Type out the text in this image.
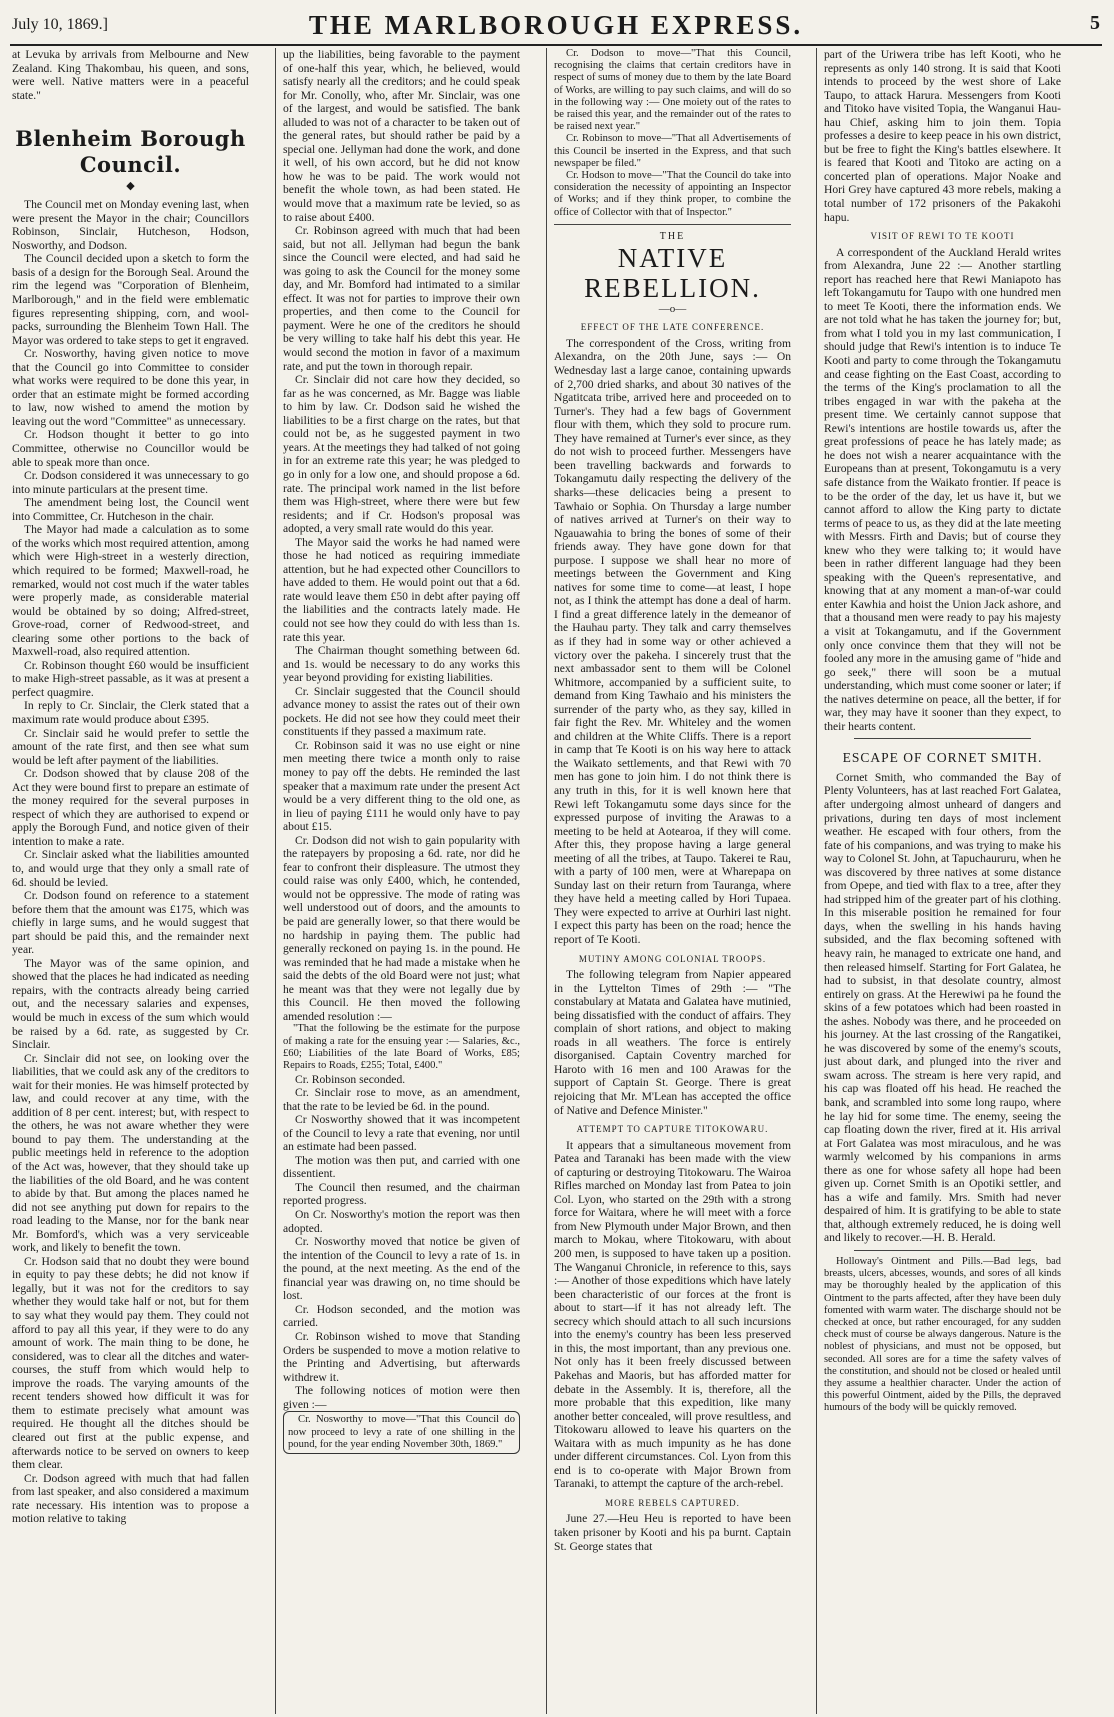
July 10, 1869.]	THE MARLBOROUGH EXPRESS.	5

at Levuka by arrivals from Melbourne and New Zealand. King Thakombau, his queen, and sons, were well. Native matters were in a peaceful state."

Blenheim Borough Council.
◆

The Council met on Monday evening last, when were present the Mayor in the chair; Councillors Robinson, Sinclair, Hutcheson, Hodson, Nosworthy, and Dodson.

The Council decided upon a sketch to form the basis of a design for the Borough Seal. Around the rim the legend was "Corporation of Blenheim, Marlborough," and in the field were emblematic figures representing shipping, corn, and wool-packs, surrounding the Blenheim Town Hall. The Mayor was ordered to take steps to get it engraved.

Cr. Nosworthy, having given notice to move that the Council go into Committee to consider what works were required to be done this year, in order that an estimate might be formed according to law, now wished to amend the motion by leaving out the word "Committee" as unnecessary.

Cr. Hodson thought it better to go into Committee, otherwise no Councillor would be able to speak more than once.

Cr. Dodson considered it was unnecessary to go into minute particulars at the present time.

The amendment being lost, the Council went into Committee, Cr. Hutcheson in the chair.

The Mayor had made a calculation as to some of the works which most required attention, among which were High-street in a westerly direction, which required to be formed; Maxwell-road, he remarked, would not cost much if the water tables were properly made, as considerable material would be obtained by so doing; Alfred-street, Grove-road, corner of Redwood-street, and clearing some other portions to the back of Maxwell-road, also required attention.

Cr. Robinson thought £60 would be insufficient to make High-street passable, as it was at present a perfect quagmire.

In reply to Cr. Sinclair, the Clerk stated that a maximum rate would produce about £395.

Cr. Sinclair said he would prefer to settle the amount of the rate first, and then see what sum would be left after payment of the liabilities.

Cr. Dodson showed that by clause 208 of the Act they were bound first to prepare an estimate of the money required for the several purposes in respect of which they are authorised to expend or apply the Borough Fund, and notice given of their intention to make a rate.

Cr. Sinclair asked what the liabilities amounted to, and would urge that they only a small rate of 6d. should be levied.

Cr. Dodson found on reference to a statement before them that the amount was £175, which was chiefly in large sums, and he would suggest that part should be paid this, and the remainder next year.

The Mayor was of the same opinion, and showed that the places he had indicated as needing repairs, with the contracts already being carried out, and the necessary salaries and expenses, would be much in excess of the sum which would be raised by a 6d. rate, as suggested by Cr. Sinclair.

Cr. Sinclair did not see, on looking over the liabilities, that we could ask any of the creditors to wait for their monies. He was himself protected by law, and could recover at any time, with the addition of 8 per cent. interest; but, with respect to the others, he was not aware whether they were bound to pay them. The understanding at the public meetings held in reference to the adoption of the Act was, however, that they should take up the liabilities of the old Board, and he was content to abide by that. But among the places named he did not see anything put down for repairs to the road leading to the Manse, nor for the bank near Mr. Bomford's, which was a very serviceable work, and likely to benefit the town.

Cr. Hodson said that no doubt they were bound in equity to pay these debts; he did not know if legally, but it was not for the creditors to say whether they would take half or not, but for them to say what they would pay them. They could not afford to pay all this year, if they were to do any amount of work. The main thing to be done, he considered, was to clear all the ditches and water-courses, the stuff from which would help to improve the roads. The varying amounts of the recent tenders showed how difficult it was for them to estimate precisely what amount was required. He thought all the ditches should be cleared out first at the public expense, and afterwards notice to be served on owners to keep them clear.

Cr. Dodson agreed with much that had fallen from last speaker, and also considered a maximum rate necessary. His intention was to propose a motion relative to taking

up the liabilities, being favorable to the payment of one-half this year, which, he believed, would satisfy nearly all the creditors; and he could speak for Mr. Conolly, who, after Mr. Sinclair, was one of the largest, and would be satisfied. The bank alluded to was not of a character to be taken out of the general rates, but should rather be paid by a special one. Jellyman had done the work, and done it well, of his own accord, but he did not know how he was to be paid. The work would not benefit the whole town, as had been stated. He would move that a maximum rate be levied, so as to raise about £400.

Cr. Robinson agreed with much that had been said, but not all. Jellyman had begun the bank since the Council were elected, and had said he was going to ask the Council for the money some day, and Mr. Bomford had intimated to a similar effect. It was not for parties to improve their own properties, and then come to the Council for payment. Were he one of the creditors he should be very willing to take half his debt this year. He would second the motion in favor of a maximum rate, and put the town in thorough repair.

Cr. Sinclair did not care how they decided, so far as he was concerned, as Mr. Bagge was liable to him by law. Cr. Dodson said he wished the liabilities to be a first charge on the rates, but that could not be, as he suggested payment in two years. At the meetings they had talked of not going in for an extreme rate this year; he was pledged to go in only for a low one, and should propose a 6d. rate. The principal work named in the list before them was High-street, where there were but few residents; and if Cr. Hodson's proposal was adopted, a very small rate would do this year.

The Mayor said the works he had named were those he had noticed as requiring immediate attention, but he had expected other Councillors to have added to them. He would point out that a 6d. rate would leave them £50 in debt after paying off the liabilities and the contracts lately made. He could not see how they could do with less than 1s. rate this year.

The Chairman thought something between 6d. and 1s. would be necessary to do any works this year beyond providing for existing liabilities.

Cr. Sinclair suggested that the Council should advance money to assist the rates out of their own pockets. He did not see how they could meet their constituents if they passed a maximum rate.

Cr. Robinson said it was no use eight or nine men meeting there twice a month only to raise money to pay off the debts. He reminded the last speaker that a maximum rate under the present Act would be a very different thing to the old one, as in lieu of paying £111 he would only have to pay about £15.

Cr. Dodson did not wish to gain popularity with the ratepayers by proposing a 6d. rate, nor did he fear to confront their displeasure. The utmost they could raise was only £400, which, he contended, would not be oppressive. The mode of rating was well understood out of doors, and the amounts to be paid are generally lower, so that there would be no hardship in paying them. The public had generally reckoned on paying 1s. in the pound. He was reminded that he had made a mistake when he said the debts of the old Board were not just; what he meant was that they were not legally due by this Council. He then moved the following amended resolution :—

"That the following be the estimate for the purpose of making a rate for the ensuing year :— Salaries, &c., £60; Liabilities of the late Board of Works, £85; Repairs to Roads, £255; Total, £400."

Cr. Robinson seconded.

Cr. Sinclair rose to move, as an amendment, that the rate to be levied be 6d. in the pound.

Cr Nosworthy showed that it was incompetent of the Council to levy a rate that evening, nor until an estimate had been passed.

The motion was then put, and carried with one dissentient.

The Council then resumed, and the chairman reported progress.

On Cr. Nosworthy's motion the report was then adopted.

Cr. Nosworthy moved that notice be given of the intention of the Council to levy a rate of 1s. in the pound, at the next meeting. As the end of the financial year was drawing on, no time should be lost.

Cr. Hodson seconded, and the motion was carried.

Cr. Robinson wished to move that Standing Orders be suspended to move a motion relative to the Printing and Advertising, but afterwards withdrew it.

The following notices of motion were then given :—

Cr. Nosworthy to move—"That this Council do now proceed to levy a rate of one shilling in the pound, for the year ending November 30th, 1869."

Cr. Dodson to move—"That this Council, recognising the claims that certain creditors have in respect of sums of money due to them by the late Board of Works, are willing to pay such claims, and will do so in the following way :— One moiety out of the rates to be raised this year, and the remainder out of the rates to be raised next year."

Cr. Robinson to move—"That all Advertisements of this Council be inserted in the Express, and that such newspaper be filed."

Cr. Hodson to move—"That the Council do take into consideration the necessity of appointing an Inspector of Works; and if they think proper, to combine the office of Collector with that of Inspector."

THE
NATIVE REBELLION.
—o—
EFFECT OF THE LATE CONFERENCE.

The correspondent of the Cross, writing from Alexandra, on the 20th June, says :— On Wednesday last a large canoe, containing upwards of 2,700 dried sharks, and about 30 natives of the Ngatitcata tribe, arrived here and proceeded on to Turner's. They had a few bags of Government flour with them, which they sold to procure rum. They have remained at Turner's ever since, as they do not wish to proceed further. Messengers have been travelling backwards and forwards to Tokangamutu daily respecting the delivery of the sharks—these delicacies being a present to Tawhaio or Sophia. On Thursday a large number of natives arrived at Turner's on their way to Ngauawahia to bring the bones of some of their friends away. They have gone down for that purpose. I suppose we shall hear no more of meetings between the Government and King natives for some time to come—at least, I hope not, as I think the attempt has done a deal of harm. I find a great difference lately in the demeanor of the Hauhau party. They talk and carry themselves as if they had in some way or other achieved a victory over the pakeha. I sincerely trust that the next ambassador sent to them will be Colonel Whitmore, accompanied by a sufficient suite, to demand from King Tawhaio and his ministers the surrender of the party who, as they say, killed in fair fight the Rev. Mr. Whiteley and the women and children at the White Cliffs. There is a report in camp that Te Kooti is on his way here to attack the Waikato settlements, and that Rewi with 70 men has gone to join him. I do not think there is any truth in this, for it is well known here that Rewi left Tokangamutu some days since for the expressed purpose of inviting the Arawas to a meeting to be held at Aotearoa, if they will come. After this, they propose having a large general meeting of all the tribes, at Taupo. Takerei te Rau, with a party of 100 men, were at Wharepapa on Sunday last on their return from Tauranga, where they have held a meeting called by Hori Tupaea. They were expected to arrive at Ourhiri last night. I expect this party has been on the road; hence the report of Te Kooti.

MUTINY AMONG COLONIAL TROOPS.

The following telegram from Napier appeared in the Lyttelton Times of 29th :— "The constabulary at Matata and Galatea have mutinied, being dissatisfied with the conduct of affairs. They complain of short rations, and object to making roads in all weathers. The force is entirely disorganised. Captain Coventry marched for Haroto with 16 men and 100 Arawas for the support of Captain St. George. There is great rejoicing that Mr. M'Lean has accepted the office of Native and Defence Minister."

ATTEMPT TO CAPTURE TITOKOWARU.

It appears that a simultaneous movement from Patea and Taranaki has been made with the view of capturing or destroying Titokowaru. The Wairoa Rifles marched on Monday last from Patea to join Col. Lyon, who started on the 29th with a strong force for Waitara, where he will meet with a force from New Plymouth under Major Brown, and then march to Mokau, where Titokowaru, with about 200 men, is supposed to have taken up a position. The Wanganui Chronicle, in reference to this, says :— Another of those expeditions which have lately been characteristic of our forces at the front is about to start—if it has not already left. The secrecy which should attach to all such incursions into the enemy's country has been less preserved in this, the most important, than any previous one. Not only has it been freely discussed between Pakehas and Maoris, but has afforded matter for debate in the Assembly. It is, therefore, all the more probable that this expedition, like many another better concealed, will prove resultless, and Titokowaru allowed to leave his quarters on the Waitara with as much impunity as he has done under different circumstances. Col. Lyon from this end is to co-operate with Major Brown from Taranaki, to attempt the capture of the arch-rebel.

MORE REBELS CAPTURED.

June 27.—Heu Heu is reported to have been taken prisoner by Kooti and his pa burnt. Captain St. George states that

part of the Uriwera tribe has left Kooti, who he represents as only 140 strong. It is said that Kooti intends to proceed by the west shore of Lake Taupo, to attack Harura. Messengers from Kooti and Titoko have visited Topia, the Wanganui Hau-hau Chief, asking him to join them. Topia professes a desire to keep peace in his own district, but be free to fight the King's battles elsewhere. It is feared that Kooti and Titoko are acting on a concerted plan of operations. Major Noake and Hori Grey have captured 43 more rebels, making a total number of 172 prisoners of the Pakakohi hapu.

VISIT OF REWI TO TE KOOTI

A correspondent of the Auckland Herald writes from Alexandra, June 22 :— Another startling report has reached here that Rewi Maniapoto has left Tokangamutu for Taupo with one hundred men to meet Te Kooti, there the information ends. We are not told what he has taken the journey for; but, from what I told you in my last communication, I should judge that Rewi's intention is to induce Te Kooti and party to come through the Tokangamutu and cease fighting on the East Coast, according to the terms of the King's proclamation to all the tribes engaged in war with the pakeha at the present time. We certainly cannot suppose that Rewi's intentions are hostile towards us, after the great professions of peace he has lately made; as he does not wish a nearer acquaintance with the Europeans than at present, Tokongamutu is a very safe distance from the Waikato frontier. If peace is to be the order of the day, let us have it, but we cannot afford to allow the King party to dictate terms of peace to us, as they did at the late meeting with Messrs. Firth and Davis; but of course they knew who they were talking to; it would have been in rather different language had they been speaking with the Queen's representative, and knowing that at any moment a man-of-war could enter Kawhia and hoist the Union Jack ashore, and that a thousand men were ready to pay his majesty a visit at Tokangamutu, and if the Government only once convince them that they will not be fooled any more in the amusing game of "hide and go seek," there will soon be a mutual understanding, which must come sooner or later; if the natives determine on peace, all the better, if for war, they may have it sooner than they expect, to their hearts content.

ESCAPE OF CORNET SMITH.

Cornet Smith, who commanded the Bay of Plenty Volunteers, has at last reached Fort Galatea, after undergoing almost unheard of dangers and privations, during ten days of most inclement weather. He escaped with four others, from the fate of his companions, and was trying to make his way to Colonel St. John, at Tapuchaururu, when he was discovered by three natives at some distance from Opepe, and tied with flax to a tree, after they had stripped him of the greater part of his clothing. In this miserable position he remained for four days, when the swelling in his hands having subsided, and the flax becoming softened with heavy rain, he managed to extricate one hand, and then released himself. Starting for Fort Galatea, he had to subsist, in that desolate country, almost entirely on grass. At the Herewiwi pa he found the skins of a few potatoes which had been roasted in the ashes. Nobody was there, and he proceeded on his journey. At the last crossing of the Rangatikei, he was discovered by some of the enemy's scouts, just about dark, and plunged into the river and swam across. The stream is here very rapid, and his cap was floated off his head. He reached the bank, and scrambled into some long raupo, where he lay hid for some time. The enemy, seeing the cap floating down the river, fired at it. His arrival at Fort Galatea was most miraculous, and he was warmly welcomed by his companions in arms there as one for whose safety all hope had been given up. Cornet Smith is an Opotiki settler, and has a wife and family. Mrs. Smith had never despaired of him. It is gratifying to be able to state that, although extremely reduced, he is doing well and likely to recover.—H. B. Herald.

Holloway's Ointment and Pills.—Bad legs, bad breasts, ulcers, abcesses, wounds, and sores of all kinds may be thoroughly healed by the application of this Ointment to the parts affected, after they have been duly fomented with warm water. The discharge should not be checked at once, but rather encouraged, for any sudden check must of course be always dangerous. Nature is the noblest of physicians, and must not be opposed, but seconded. All sores are for a time the safety valves of the constitution, and should not be closed or healed until they assume a healthier character. Under the action of this powerful Ointment, aided by the Pills, the depraved humours of the body will be quickly removed.
